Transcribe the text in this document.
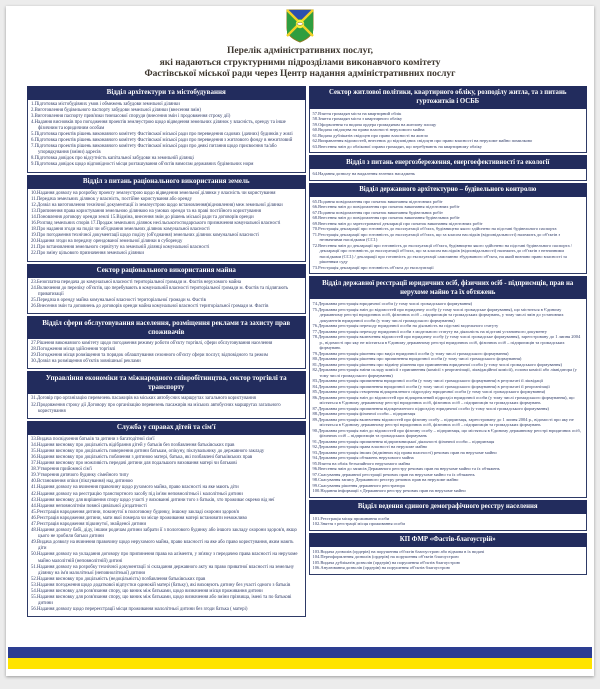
Перелік адміністративних послуг,
які надаються структурними підрозділами виконавчого комітету
Фастівської міської ради через Центр надання адміністративних послуг
Відділ архітектури та містобудування
1.Підготовка містобудівних умов і обмежень забудови земельної ділянки
2.Виготовлення будівельного паспорту забудови земельної ділянки (внесення змін)
3.Виготовлення паспорту прив'язки тимчасової споруди (внесення змін і продовження строку дії)
4.Надання висновків про погодження проектів землеустрою щодо відведення земельних ділянок у власність, оренду та інше фізичним та юридичним особам
5.Підготовка проектів рішень виконавчого комітету Фастівської міської ради про переведення садових (дачних) будинків у жилі
6.Підготовка проектів рішень виконавчого комітету Фастівської міської ради про переведення з житлового фонду в нежитловий
7.Підготовка проектів рішень виконавчого комітету Фастівської міської ради про деякі питання щодо присвоєння та/або упорядкування (зміни) адресів
8.Підготовка довідок про відсутність капітальної забудови на земельній ділянці
9.Підготовка довідок щодо відповідності місця розташування об'єктів вимогам державних будівельних норм
Відділ з питань раціонального використання земель
10.Надання дозволу на розробку проекту землеустрою щодо відведення земельної ділянки у власність чи користування
11.Передача земельних ділянок у власність, постійне користування або оренду
12.Дозвіл на виготовлення технічної документації із землеустрою щодо встановлення(відновлення) меж земельної ділянки
13.Припинення права користування земельною ділянкою на умовах оренди та на праві постійного користування
14.Поновлення договору оренди землі 15.Відміна, внесення змін до рішень міської ради та договорів оренди
16.Розгляд земельних спорів 17.Продаж земельних ділянок несільськогосподарського призначення комунальної власності
18.Про надання згоди на поділ чи об'єднання земельних ділянок комунальної власності
19.Про погодження технічної документації щодо поділу (об'єднання) земельних ділянок комунальної власності
20.Надання згоди на передачу орендованої земельної ділянки в суборенду
21.Про встановлення земельного сервітуту на земельній ділянці комунальної власності
22.Про зміну цільового призначення земельної ділянки
Сектор раціонального використання майна
23.Безоплатна передача до комунальної власності територіальної громади м. Фастів нерухомого майна
24.Включення до переліку об'єктів, що перебувають в комунальній власності територіальної громади м. Фастів та підлягають приватизації
25.Передача в оренду майна комунальної власності територіальної громади м. Фастів
26.Внесення змін та доповнень до договорів оренди майна комунальної власності територіальної громади м. Фастів
Відділ сфери обслуговування населення, розміщення реклами та захисту прав споживачів
27.Рішення виконавчого комітету щодо погодження режиму роботи об'єкту торгівлі, сфери обслуговування населення
28.Погодження місця здійснення торгівлі
29.Погодження місця розміщення та порядок облаштування сезонного об'єкту сфери послуг, відповідного та режим
30.Дозвіл на розміщення об'єктів зовнішньої реклами
Управління економіки та міжнародного співробітництва, сектор торгівлі та транспорту
31.Договір про організацію перевезень пасажирів на міських автобусних маршрутах загального користування
32.Продовження строку дії Договору про організацію перевезень пасажирів на міських автобусних маршрутах загального користування
Служба у справах дітей та сім'ї
33.Видача посвідчення батьків та дитини з багатодітної сім'ї
34.Надання висновку про доцільність відібрання дітей у батьків без позбавлення батьківських прав
35.Надання висновку про доцільність повернення дитини батькам, опікуну, піклувальнику до державного закладу
36.Надання висновку про доцільність побачення з дитиною матері, батька, які позбавлені батьківських прав
37.Надання висновку про можливість передачі дитини для подальшого виховання матері чи батькові
38.Утворення прийомної сім'ї
39.Утворення дитячого будинку сімейного типу
40.Встановлення опіки (піклування) над дитиною
41.Надання дозволу на вчинення правочину щодо рухомого майна, право власності на яке мають діти
42.Надання дозволу на реєстрацію транспортного засобу під ім'ям неповнолітньої і малолітньої дитини
43.Надання висновку для вирішення спору щодо участі у вихованні дитини того з батьків, хто проживає окремо від неї
44.Надання неповнолітнім повної цивільної дієздатності
45.Реєстрація народження дитини, покинутої в пологовому будинку, іншому закладі охорони здоров'я
46.Реєстрація народження дитини, мати якої померла чи місце проживання матері встановити неможливо
47.Реєстрація народження підкинутої, знайденої дитини
48.Надання дозволу бабі, діду, іншим родичам дитини забрати її з пологового будинку або іншого закладу охорони здоров'я, якщо цього не зробили батьки дитини
49.Видача дозволу на вчинення правочину щодо нерухомого майна, право власності на яке або право користування, яким мають діти
50.Надання дозволу на укладання договору про припинення права на аліменти, у зв'язку з передачею права власності на нерухоме майно малолітній (неповнолітній) дитині
51.Надання дозволу на розробку технічної документації зі складання державного акту на право приватної власності на земельну ділянку на ім'я малолітньої (неповнолітньої) дитини
52.Надання висновку про доцільність (недоцільність) позбавлення батьківських прав
53.Надання погодження щодо додаткової відпустки одинокій матері (батьку), які виховують дитину без участі одного з батьків
54.Надання висновку для розв'язання спору, що виник між батьками, щодо визначення місця проживання дитини
55.Надання висновку для розв'язання спору, що виник між батьками, щодо визначення або зміни прізвища, імені та по батькові дитини
56.Надання дозволу щодо перереєстрації місця проживання малолітньої дитини без згоди батька ( матері)
Сектор житлової політики, квартирного обліку, розподілу житла, та з питань гуртожитків і ОСББ
57.Взяття громадян міста на квартирний облік
58.Зняття громадян міста з квартирного обліку
59.Оформлення та видача ордера громадянам на житлову площу
60.Видача свідоцтва на право власності нерухомого майна
61.Видача дублікатів свідоцтв про право власності на житло
62.Виправлення відомостей, внесених до відповідних свідоцтв про право власності на нерухоме майно помилково
63.Внесення змін до облікової справи громадян, що перебувають на квартирному обліку
Відділ з питань енергозбереження, енергоефективності та екології
64.Надання дозволу на видалення зелених насаджень
Відділ державного архітектурно – будівельного контролю
65.Подання повідомлення про початок виконання підготовчих робіт
66.Внесення змін до повідомлення про початок виконання підготовчих робіт
67.Подання повідомлення про початок виконання будівельних робіт
68.Внесення змін до повідомлення про початок виконання будівельних робіт
69.Внесення змін до зареєстрованої декларації про початок виконання підготовчих робіт
70.Реєстрація декларації про готовність до експлуатації об'єкта, будівництво якого здійснено на підставі будівельного паспорта
71.Реєстрація декларації про готовність до експлуатації об'єкта, що за класом наслідків (відповідальності) належить до об'єктів з незначними наслідками (СС1)
72.Внесення змін до декларації про готовність до експлуатації об'єкта, будівництво якого здійснено на підставі будівельного паспорта / декларації про готовність до експлуатації об'єкта, що за класом наслідків (відповідальності) належить до об'єктів з незначними наслідками (СС1) / декларації про готовність до експлуатації самочинно збудованого об'єкта, на який визнано право власності за рішенням суду
73.Реєстрація декларації про готовність об'єкта до експлуатації
Відділ державної реєстрації юридичних осіб, фізичних осіб - підприємців, прав на нерухоме майно та їх обтяжень
74.Державна реєстрація юридичної особи (у тому числі громадського формування)
75.Державна реєстрація змін до відомостей про юридичну особу (у тому числі громадське формування), що міститься в Єдиному державному реєстрі юридичних осіб, фізичних осіб – підприємців та громадських формувань, у тому числі змін до установчих документів юридичної особи (у тому числі громадського формування)
76.Державна реєстрація переходу юридичної особи на діяльність на підставі модельного статуту
77.Державна реєстрація переходу юридичної особи з модельного статуту на діяльність на підставі установчого документу
78.Державна реєстрація включення відомостей про юридичну особу (у тому числі громадське формування), зареєстровану до 1 липня 2004 р., відомості про яку не містяться в Єдиному державному реєстрі юридичних осіб, фізичних осіб – підприємців та громадських формувань
79.Державна реєстрація рішення про виділ юридичної особи (у тому числі громадського формування)
80.Державна реєстрація рішення про припинення юридичної особи (у тому числі громадського формування)
81.Державна реєстрація рішення про відміну рішення про припинення юридичної особи (у тому числі громадського формування)
82.Державна реєстрація зміни складу комісії з припинення (комісії з реорганізації, ліквідаційної комісії), голови комісії або ліквідатора (у тому числі громадського формування)
83.Державна реєстрація припинення юридичної особи (у тому числі громадського формування) в результаті її ліквідації
84.Державна реєстрація припинення юридичної особи (у тому числі громадського формування) в результаті її реорганізації
85.Державна реєстрація створення відокремленого підрозділу юридичної особи (у тому числі громадського формування)
86.Державна реєстрація змін до відомостей про відокремлений підрозділ юридичної особи (у тому числі громадського формування), що містяться в Єдиному державному реєстрі юридичних осіб, фізичних осіб – підприємців та громадських формувань
87.Державна реєстрація припинення відокремленого підрозділу юридичної особи (у тому числі громадського формування)
88.Державна реєстрація фізичної особи – підприємця
89.Державна реєстрація включення відомостей про фізичну особу – підприємця, зареєстровану до 1 липня 2004 р., відомості про яку не містяться в Єдиному державному реєстрі юридичних осіб, фізичних осіб – підприємців та громадських формувань
90.Державна реєстрація змін до відомостей про фізичну особу – підприємця, що містяться в Єдиному державному реєстрі юридичних осіб, фізичних осіб – підприємців та громадських формувань
91.Державна реєстрація припинення підприємницької діяльності фізичної особи – підприємця
92.Державна реєстрація права власності на нерухоме майно
93.Державна реєстрація інших (відмінних від права власності) речових прав на нерухоме майно
94.Державна реєстрація обтяжень нерухомого майна
95.Взяття на облік безхазяйного нерухомого майна
96.Внесення змін до записів Державного реєстру речових прав на нерухоме майно та їх обтяжень
97.Скасування державної реєстрації речових прав на нерухоме майно та їх обтяжень
98.Скасування запису Державного реєстру речових прав на нерухоме майно
99.Скасування рішення державного реєстратора
100.Надання інформації з Державного реєстру речових прав на нерухоме майно
Відділ ведення єдиного демографічного реєстру населення
101.Реєстрація місця проживання особи
102.Зняття з реєстрації місця проживання особи
КП ФМР «Фастів-благоустрій»
103.Видача дозволів (ордерів) на порушення об'єктів благоустрою або відмова в їх видачі
104.Переоформлення дозволів (ордерів) на порушення об'єктів благоустрою
105.Видача дублікатів дозволів (ордерів) на порушення об'єктів благоустрою
106.Анулювання дозволів (ордерів) на порушення об'єктів благоустрою
